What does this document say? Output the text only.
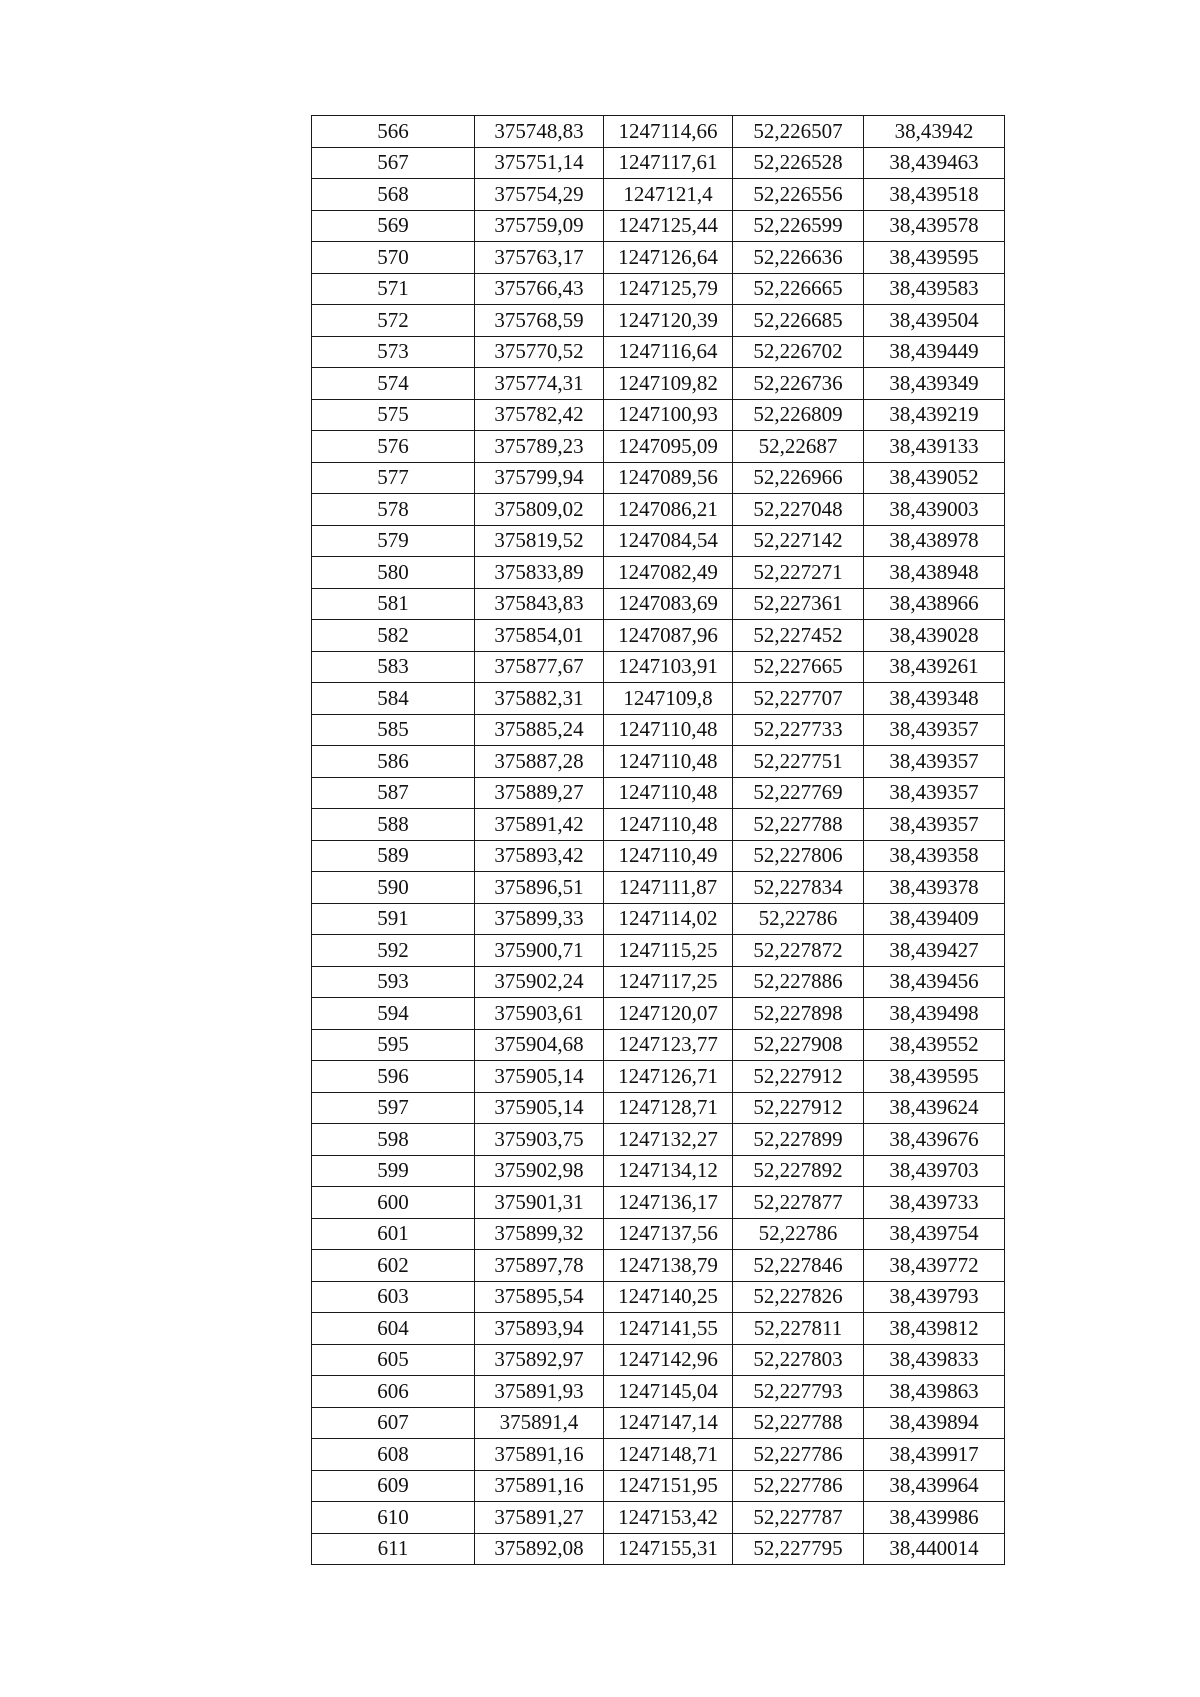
566	375748,83	1247114,66	52,226507	38,43942
567	375751,14	1247117,61	52,226528	38,439463
568	375754,29	1247121,4	52,226556	38,439518
569	375759,09	1247125,44	52,226599	38,439578
570	375763,17	1247126,64	52,226636	38,439595
571	375766,43	1247125,79	52,226665	38,439583
572	375768,59	1247120,39	52,226685	38,439504
573	375770,52	1247116,64	52,226702	38,439449
574	375774,31	1247109,82	52,226736	38,439349
575	375782,42	1247100,93	52,226809	38,439219
576	375789,23	1247095,09	52,22687	38,439133
577	375799,94	1247089,56	52,226966	38,439052
578	375809,02	1247086,21	52,227048	38,439003
579	375819,52	1247084,54	52,227142	38,438978
580	375833,89	1247082,49	52,227271	38,438948
581	375843,83	1247083,69	52,227361	38,438966
582	375854,01	1247087,96	52,227452	38,439028
583	375877,67	1247103,91	52,227665	38,439261
584	375882,31	1247109,8	52,227707	38,439348
585	375885,24	1247110,48	52,227733	38,439357
586	375887,28	1247110,48	52,227751	38,439357
587	375889,27	1247110,48	52,227769	38,439357
588	375891,42	1247110,48	52,227788	38,439357
589	375893,42	1247110,49	52,227806	38,439358
590	375896,51	1247111,87	52,227834	38,439378
591	375899,33	1247114,02	52,22786	38,439409
592	375900,71	1247115,25	52,227872	38,439427
593	375902,24	1247117,25	52,227886	38,439456
594	375903,61	1247120,07	52,227898	38,439498
595	375904,68	1247123,77	52,227908	38,439552
596	375905,14	1247126,71	52,227912	38,439595
597	375905,14	1247128,71	52,227912	38,439624
598	375903,75	1247132,27	52,227899	38,439676
599	375902,98	1247134,12	52,227892	38,439703
600	375901,31	1247136,17	52,227877	38,439733
601	375899,32	1247137,56	52,22786	38,439754
602	375897,78	1247138,79	52,227846	38,439772
603	375895,54	1247140,25	52,227826	38,439793
604	375893,94	1247141,55	52,227811	38,439812
605	375892,97	1247142,96	52,227803	38,439833
606	375891,93	1247145,04	52,227793	38,439863
607	375891,4	1247147,14	52,227788	38,439894
608	375891,16	1247148,71	52,227786	38,439917
609	375891,16	1247151,95	52,227786	38,439964
610	375891,27	1247153,42	52,227787	38,439986
611	375892,08	1247155,31	52,227795	38,440014
